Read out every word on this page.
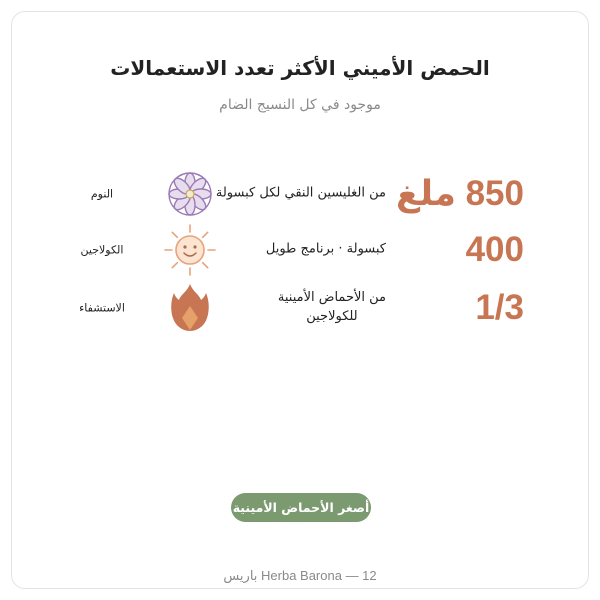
الحمض الأميني الأكثر تعدد الاستعمالات

موجود في كل النسيج الضام

850 ملغ
من الغليسين النقي لكل كبسولة
النوم
400
كبسولة · برنامج طويل
الكولاجين
1/3
من الأحماض الأمينية
للكولاجين
الاستشفاء
أصغر الأحماض الأمينية

Herba Barona — 12 باريس
